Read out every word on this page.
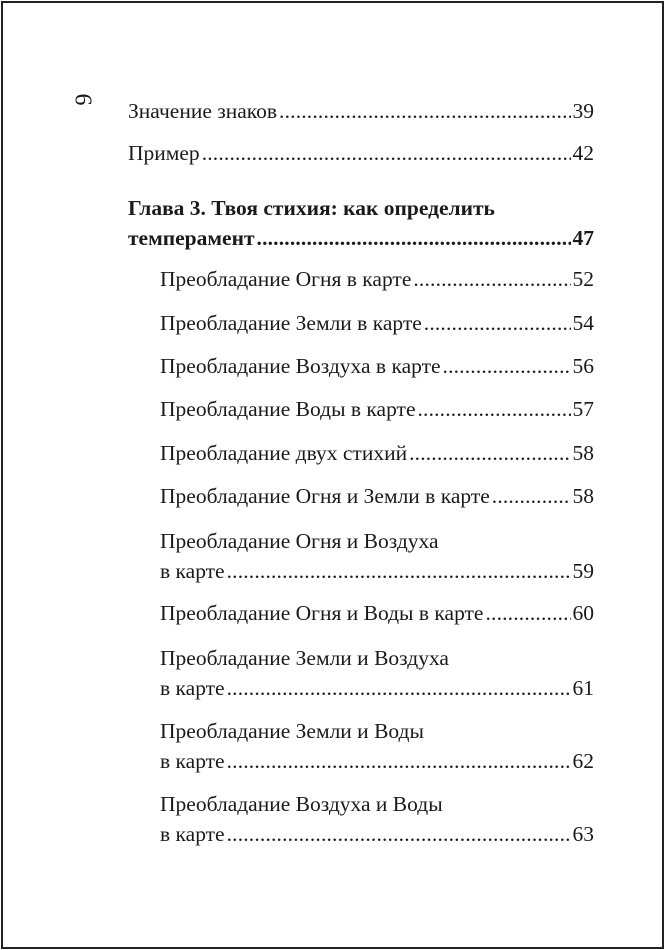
6 Значение знаков . . .	39
Пример . . .	42
Глава 3. Твоя стихия: как определить
темперамент . . .	47
Преобладание Огня в карте . . .	52
Преобладание Земли в карте . . .	54
Преобладание Воздуха в карте . . .	56
Преобладание Воды в карте . . .	57
Преобладание двух стихий . . .	58
Преобладание Огня и Земли в карте . . .	58
Преобладание Огня и Воздуха
в карте . . .	59
Преобладание Огня и Воды в карте . . .	60
Преобладание Земли и Воздуха
в карте . . .	61
Преобладание Земли и Воды
в карте . . .	62
Преобладание Воздуха и Воды
в карте . . .	63
